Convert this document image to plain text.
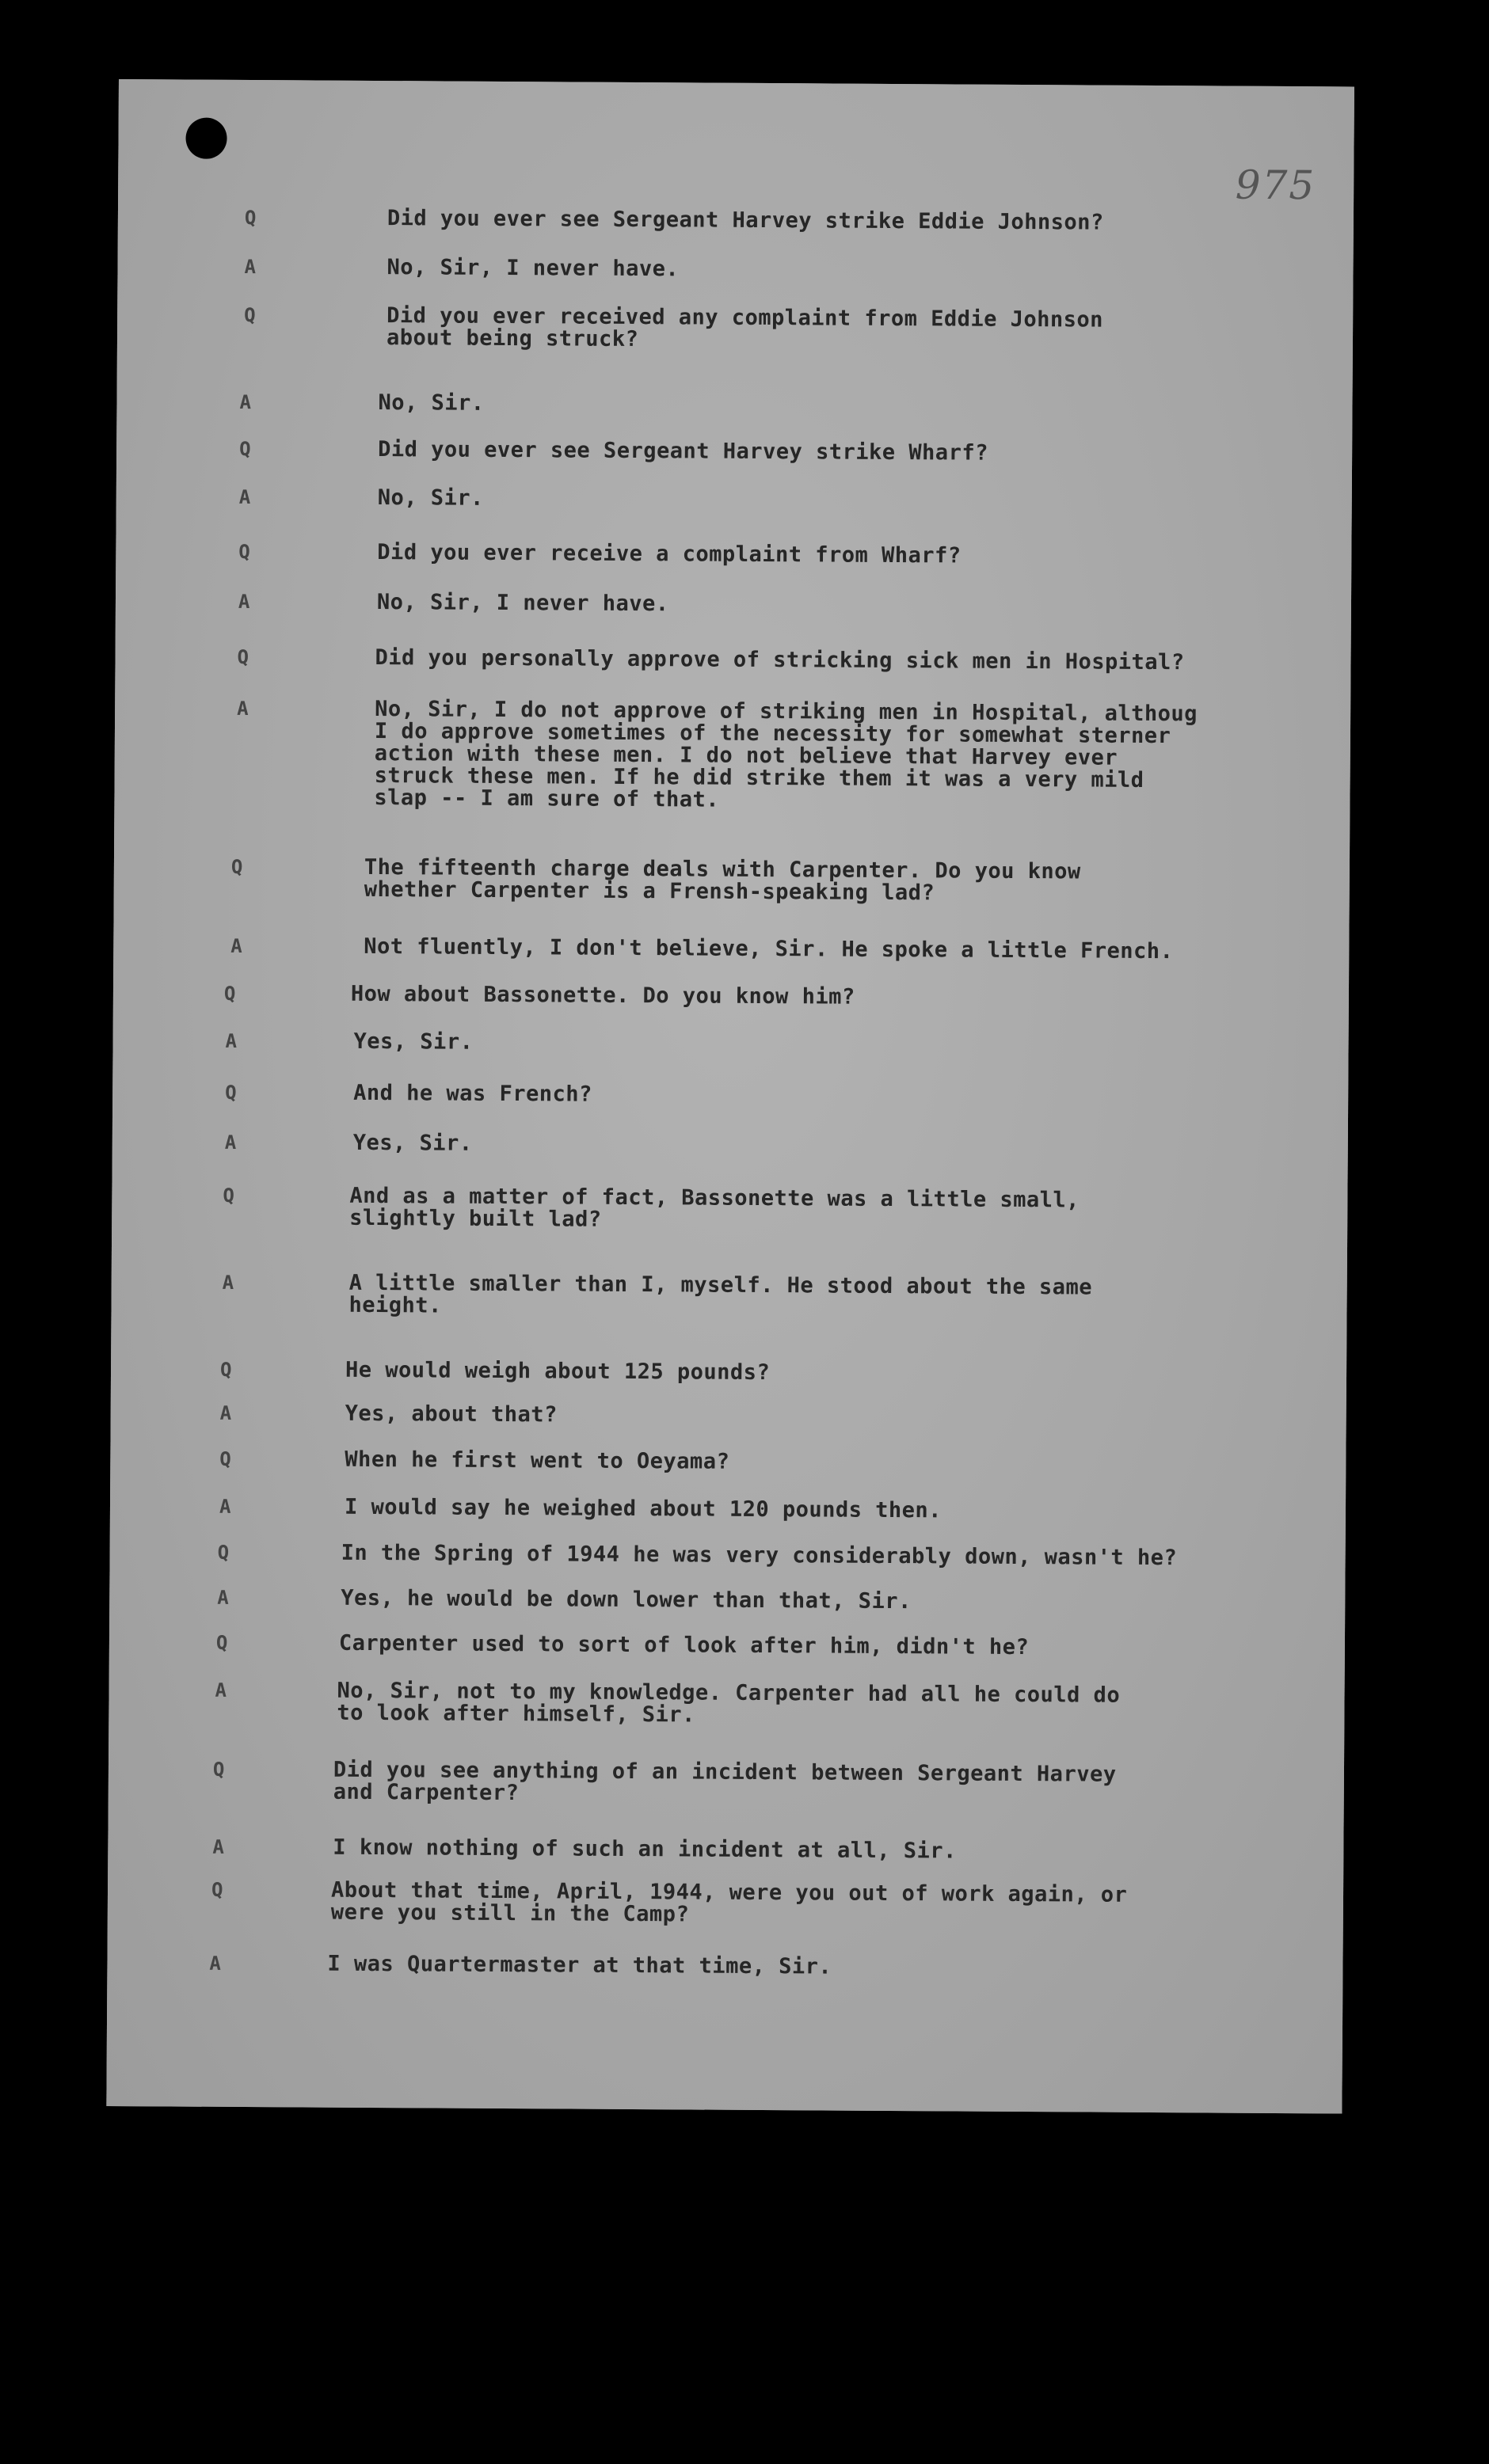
975
Q	Did you ever see Sergeant Harvey strike Eddie Johnson?
A	No, Sir, I never have.
Q	Did you ever received any complaint from Eddie Johnson
about being struck?
A	No, Sir.
Q	Did you ever see Sergeant Harvey strike Wharf?
A	No, Sir.
Q	Did you ever receive a complaint from Wharf?
A	No, Sir, I never have.
Q	Did you personally approve of stricking sick men in Hospital?
A	No, Sir, I do not approve of striking men in Hospital, althoug
I do approve sometimes of the necessity for somewhat sterner
action with these men. I do not believe that Harvey ever
struck these men. If he did strike them it was a very mild
slap -- I am sure of that.
Q	The fifteenth charge deals with Carpenter. Do you know
whether Carpenter is a Frensh-speaking lad?
A	Not fluently, I don't believe, Sir. He spoke a little French.
Q	How about Bassonette. Do you know him?
A	Yes, Sir.
Q	And he was French?
A	Yes, Sir.
Q	And as a matter of fact, Bassonette was a little small,
slightly built lad?
A	A little smaller than I, myself. He stood about the same
height.
Q	He would weigh about 125 pounds?
A	Yes, about that?
Q	When he first went to Oeyama?
A	I would say he weighed about 120 pounds then.
Q	In the Spring of 1944 he was very considerably down, wasn't he?
A	Yes, he would be down lower than that, Sir.
Q	Carpenter used to sort of look after him, didn't he?
A	No, Sir, not to my knowledge. Carpenter had all he could do
to look after himself, Sir.
Q	Did you see anything of an incident between Sergeant Harvey
and Carpenter?
A	I know nothing of such an incident at all, Sir.
Q	About that time, April, 1944, were you out of work again, or
were you still in the Camp?
A	I was Quartermaster at that time, Sir.
